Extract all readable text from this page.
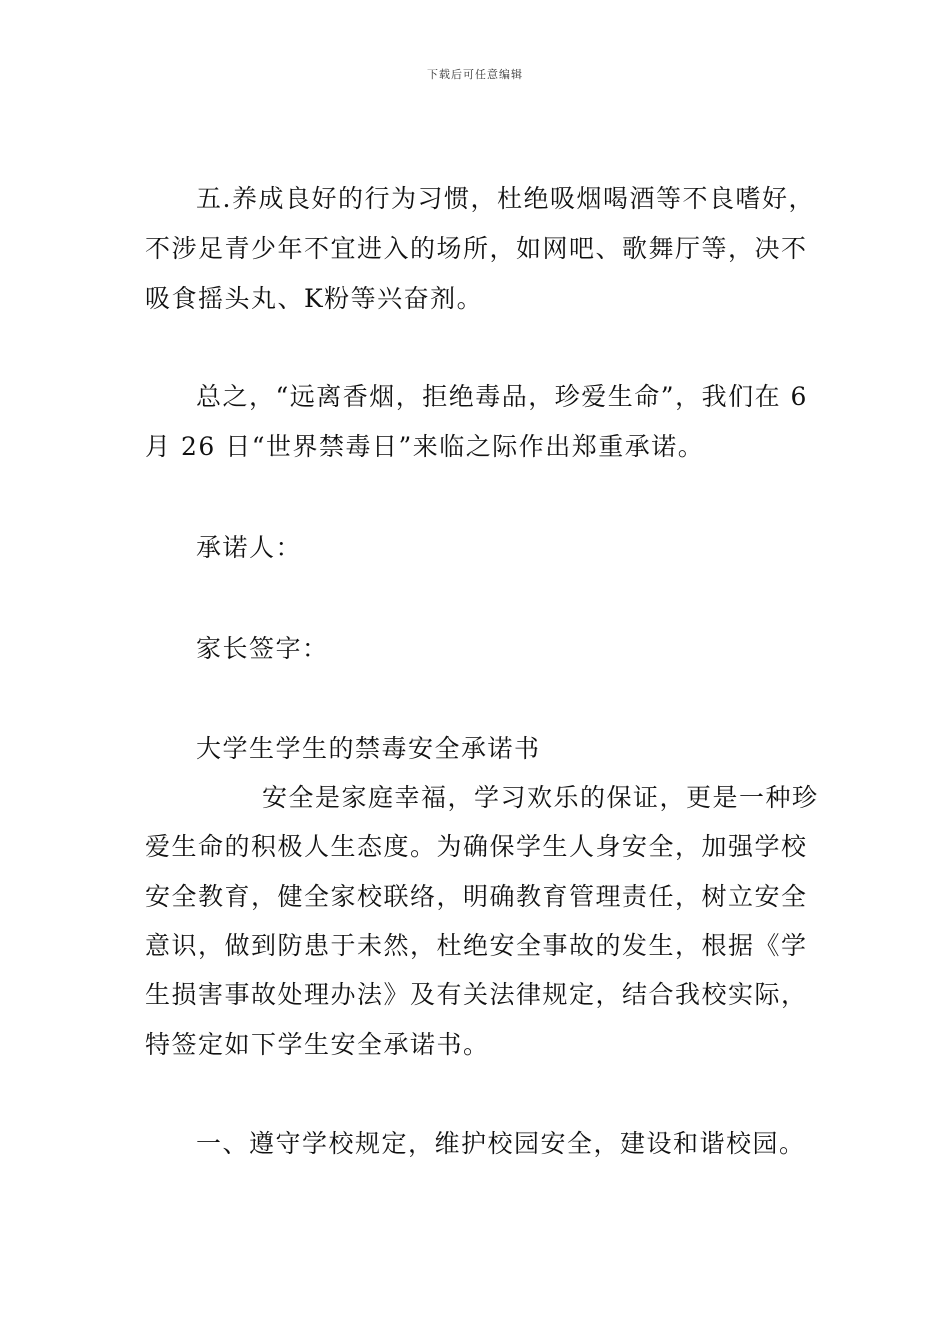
下载后可任意编辑
五.养成良好的行为习惯，杜绝吸烟喝酒等不良嗜好，
不涉足青少年不宜进入的场所，如网吧、歌舞厅等，决不
吸食摇头丸、K粉等兴奋剂。
总之，“远离香烟，拒绝毒品，珍爱生命”，我们在 6
月 26 日“世界禁毒日”来临之际作出郑重承诺。
承诺人：
家长签字：
大学生学生的禁毒安全承诺书
安全是家庭幸福，学习欢乐的保证，更是一种珍
爱生命的积极人生态度。为确保学生人身安全，加强学校
安全教育，健全家校联络，明确教育管理责任，树立安全
意识，做到防患于未然，杜绝安全事故的发生，根据《学
生损害事故处理办法》及有关法律规定，结合我校实际，
特签定如下学生安全承诺书。
一、遵守学校规定，维护校园安全，建设和谐校园。
